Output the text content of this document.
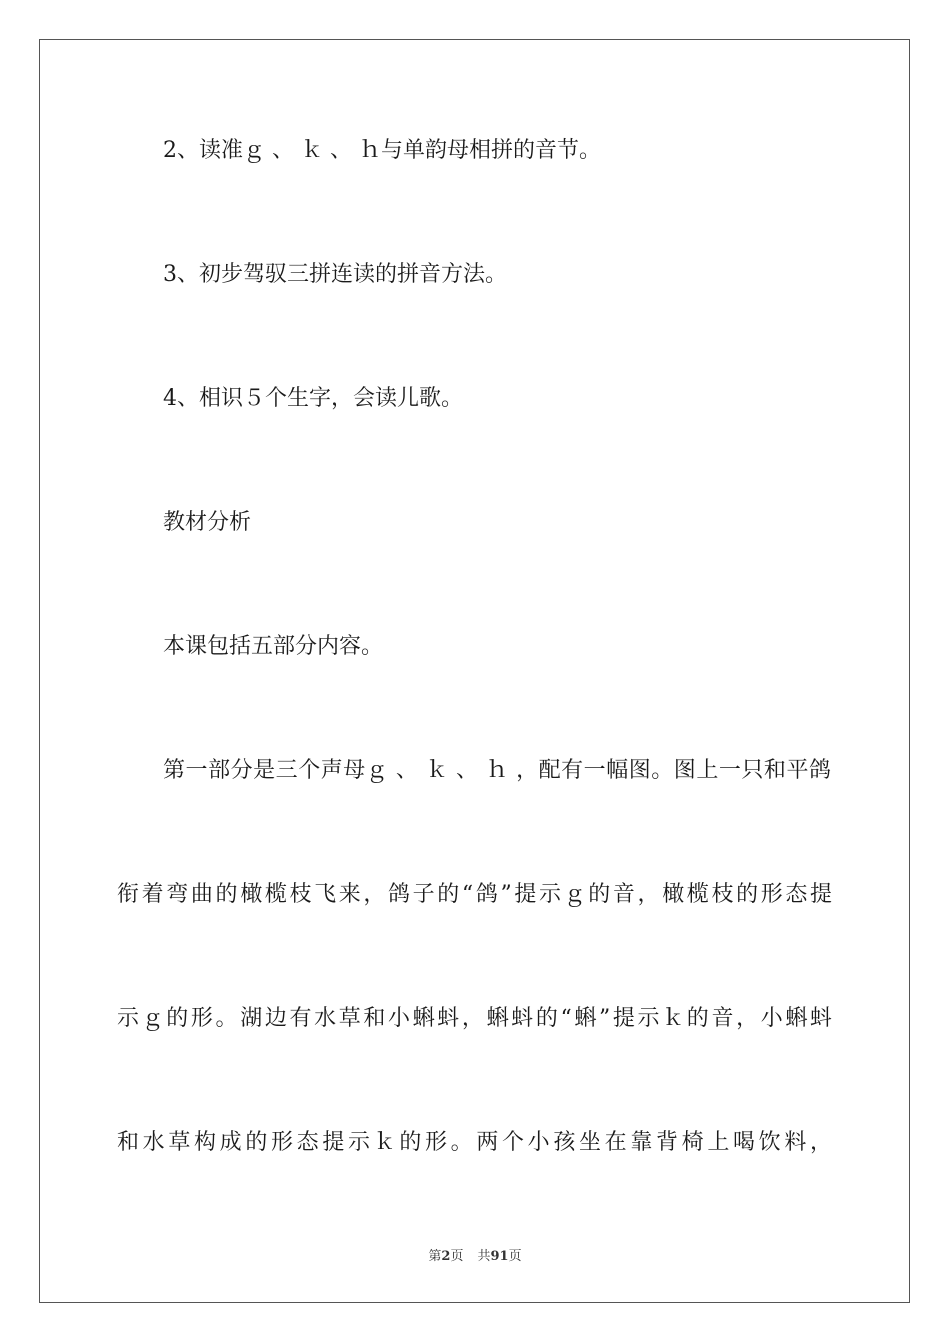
2、读准ｇ 、 ｋ 、 ｈ与单韵母相拼的音节。
3、初步驾驭三拼连读的拼音方法。
4、相识５个生字，会读儿歌。
教材分析
本课包括五部分内容。
第一部分是三个声母ｇ 、 ｋ 、 ｈ ，配有一幅图。图上一只和平鸽
衔着弯曲的橄榄枝飞来，鸽子的“鸽”提示ｇ的音，橄榄枝的形态提
示ｇ的形。湖边有水草和小蝌蚪，蝌蚪的“蝌”提示ｋ的音，小蝌蚪
和水草构成的形态提示ｋ的形。两个小孩坐在靠背椅上喝饮料，
第2页 共91页
